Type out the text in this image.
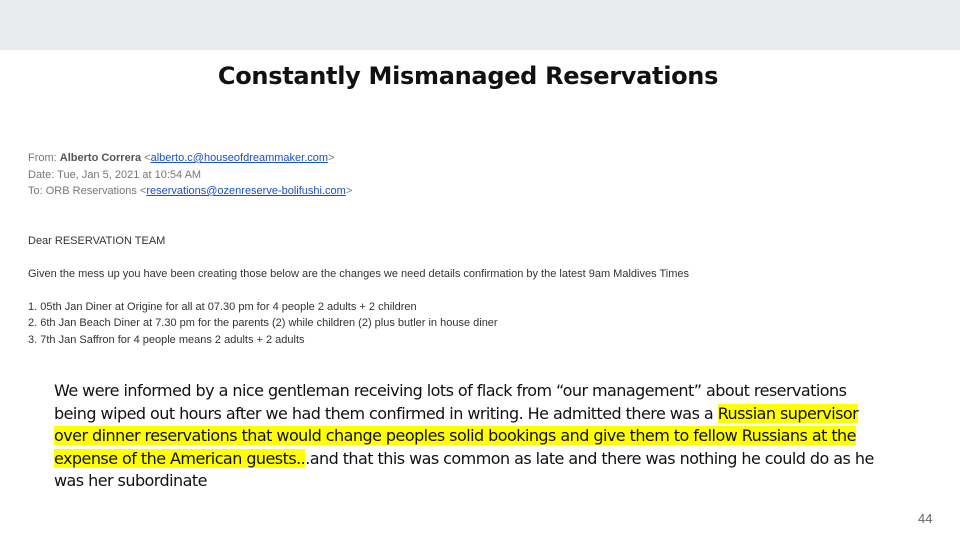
Constantly Mismanaged Reservations
From: Alberto Correra <alberto.c@houseofdreammaker.com>
Date: Tue, Jan 5, 2021 at 10:54 AM
To: ORB Reservations <reservations@ozenreserve-bolifushi.com>
Dear RESERVATION TEAM
Given the mess up you have been creating those below are the changes we need details confirmation by the latest 9am Maldives Times
1. 05th Jan Diner at Origine for all at 07.30 pm for 4 people 2 adults + 2 children
2. 6th Jan Beach Diner at 7.30 pm for the parents (2) while children (2) plus butler in house diner
3. 7th Jan Saffron for 4 people means 2 adults + 2 adults
We were informed by a nice gentleman receiving lots of flack from “our management” about reservations being wiped out hours after we had them confirmed in writing. He admitted there was a Russian supervisor over dinner reservations that would change peoples solid bookings and give them to fellow Russians at the expense of the American guests...and that this was common as late and there was nothing he could do as he was her subordinate
44
